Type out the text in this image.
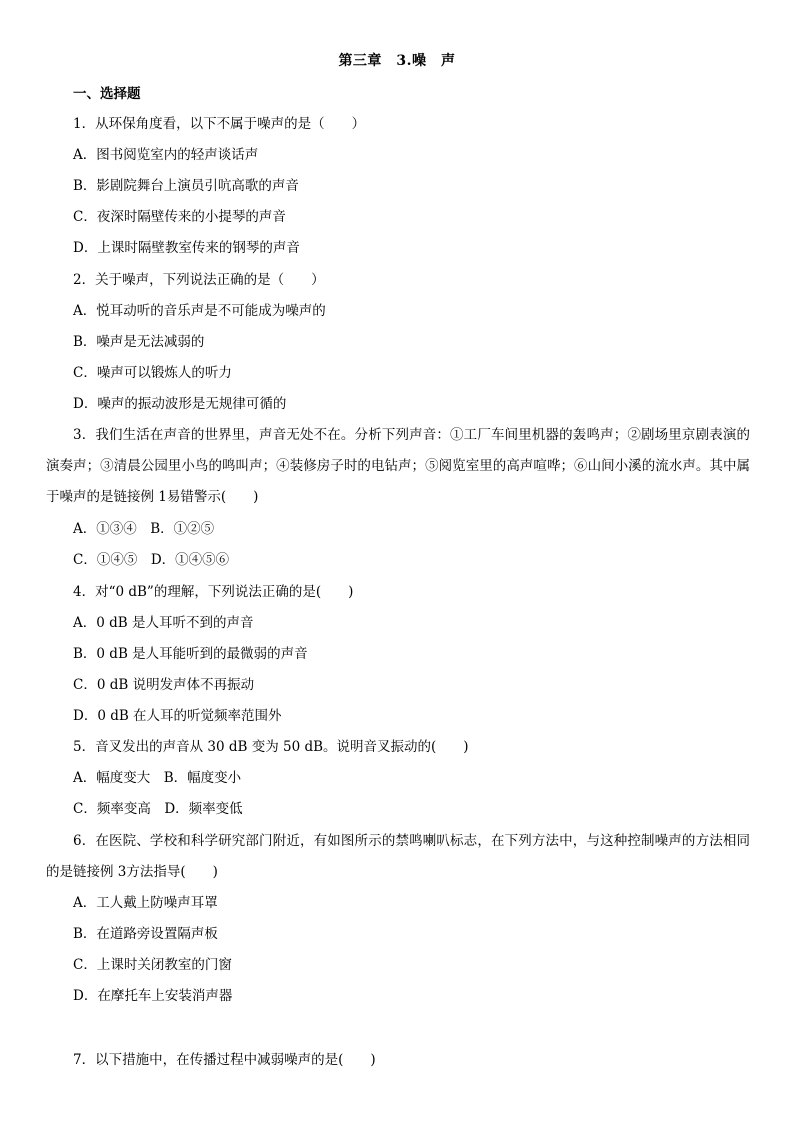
第三章　3.噪　声
一、选择题
1．从环保角度看，以下不属于噪声的是（　　）
A．图书阅览室内的轻声谈话声
B．影剧院舞台上演员引吭高歌的声音
C．夜深时隔壁传来的小提琴的声音
D．上课时隔壁教室传来的钢琴的声音
2．关于噪声，下列说法正确的是（　　）
A．悦耳动听的音乐声是不可能成为噪声的
B．噪声是无法减弱的
C．噪声可以锻炼人的听力
D．噪声的振动波形是无规律可循的
3．我们生活在声音的世界里，声音无处不在。分析下列声音：①工厂车间里机器的轰鸣声；②剧场里京剧表演的演奏声；③清晨公园里小鸟的鸣叫声；④装修房子时的电钻声；⑤阅览室里的高声喧哗；⑥山间小溪的流水声。其中属于噪声的是链接例 1易错警示(　　)
A．①③④　B．①②⑤
C．①④⑤　D．①④⑤⑥
4．对“0 dB”的理解，下列说法正确的是(　　)
A．0 dB 是人耳听不到的声音
B．0 dB 是人耳能听到的最微弱的声音
C．0 dB 说明发声体不再振动
D．0 dB 在人耳的听觉频率范围外
5．音叉发出的声音从 30 dB 变为 50 dB。说明音叉振动的(　　)
A．幅度变大　B．幅度变小
C．频率变高　D．频率变低
6．在医院、学校和科学研究部门附近，有如图所示的禁鸣喇叭标志，在下列方法中，与这种控制噪声的方法相同的是链接例 3方法指导(　　)
A．工人戴上防噪声耳罩
B．在道路旁设置隔声板
C．上课时关闭教室的门窗
D．在摩托车上安装消声器
7．以下措施中，在传播过程中减弱噪声的是(　　)
